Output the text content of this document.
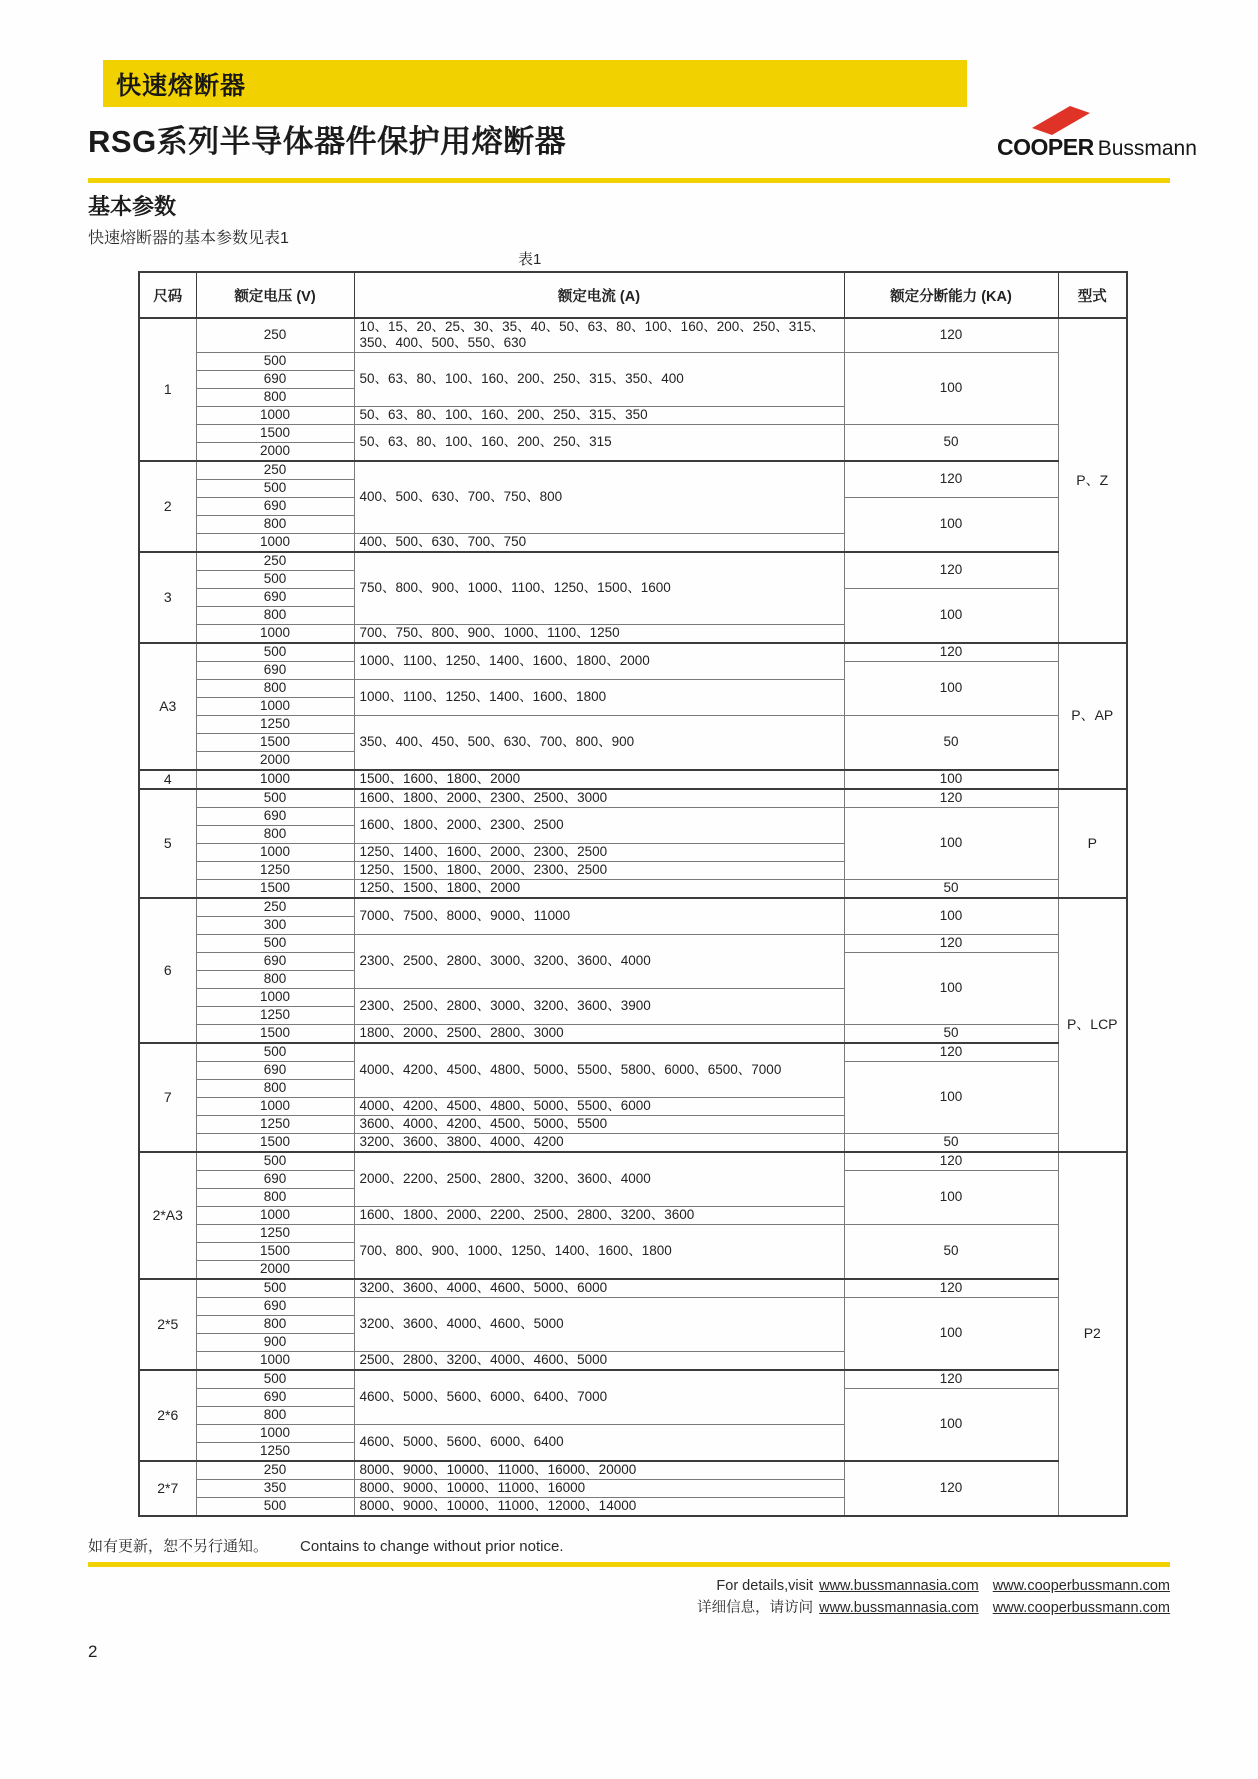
快速熔断器
COOPER Bussmann
RSG系列半导体器件保护用熔断器
基本参数

快速熔断器的基本参数见表1

表1
尺码	额定电压 (V)	额定电流 (A)	额定分断能力 (KA)	型式
1	250	10、15、20、25、30、35、40、50、63、80、100、160、200、250、315、350、400、500、550、630	120	P、Z
	500	50、63、80、100、160、200、250、315、350、400	100	
	690			
	800			
	1000	50、63、80、100、160、200、250、315、350		
	1500	50、63、80、100、160、200、250、315	50	
	2000			
2	250	400、500、630、700、750、800	120	
	500			
	690		100	
	800			
	1000	400、500、630、700、750		
3	250	750、800、900、1000、1100、1250、1500、1600	120	
	500			
	690		100	
	800			
	1000	700、750、800、900、1000、1100、1250		
A3	500	1000、1100、1250、1400、1600、1800、2000	120	P、AP
	690		100	
	800	1000、1100、1250、1400、1600、1800		
	1000			
	1250	350、400、450、500、630、700、800、900	50	
	1500			
	2000			
4	1000	1500、1600、1800、2000	100	
5	500	1600、1800、2000、2300、2500、3000	120	P
	690	1600、1800、2000、2300、2500	100	
	800			
	1000	1250、1400、1600、2000、2300、2500		
	1250	1250、1500、1800、2000、2300、2500		
	1500	1250、1500、1800、2000	50	
6	250	7000、7500、8000、9000、11000	100	P、LCP
	300			
	500	2300、2500、2800、3000、3200、3600、4000	120	
	690		100	
	800			
	1000	2300、2500、2800、3000、3200、3600、3900		
	1250			
	1500	1800、2000、2500、2800、3000	50	
7	500	4000、4200、4500、4800、5000、5500、5800、6000、6500、7000	120	
	690		100	
	800			
	1000	4000、4200、4500、4800、5000、5500、6000		
	1250	3600、4000、4200、4500、5000、5500		
	1500	3200、3600、3800、4000、4200	50	
2*A3	500	2000、2200、2500、2800、3200、3600、4000	120	P2
	690		100	
	800			
	1000	1600、1800、2000、2200、2500、2800、3200、3600		
	1250	700、800、900、1000、1250、1400、1600、1800	50	
	1500			
	2000			
2*5	500	3200、3600、4000、4600、5000、6000	120	
	690	3200、3600、4000、4600、5000	100	
	800			
	900			
	1000	2500、2800、3200、4000、4600、5000		
2*6	500	4600、5000、5600、6000、6400、7000	120	
	690		100	
	800			
	1000	4600、5000、5600、6000、6400		
	1250			
2*7	250	8000、9000、10000、11000、16000、20000	120	
	350	8000、9000、10000、11000、16000		
	500	8000、9000、10000、11000、12000、14000		

如有更新，恕不另行通知。 Contains to change without prior notice.

For details,visit www.bussmannasia.com www.cooperbussmann.com
详细信息，请访问 www.bussmannasia.com www.cooperbussmann.com
2
